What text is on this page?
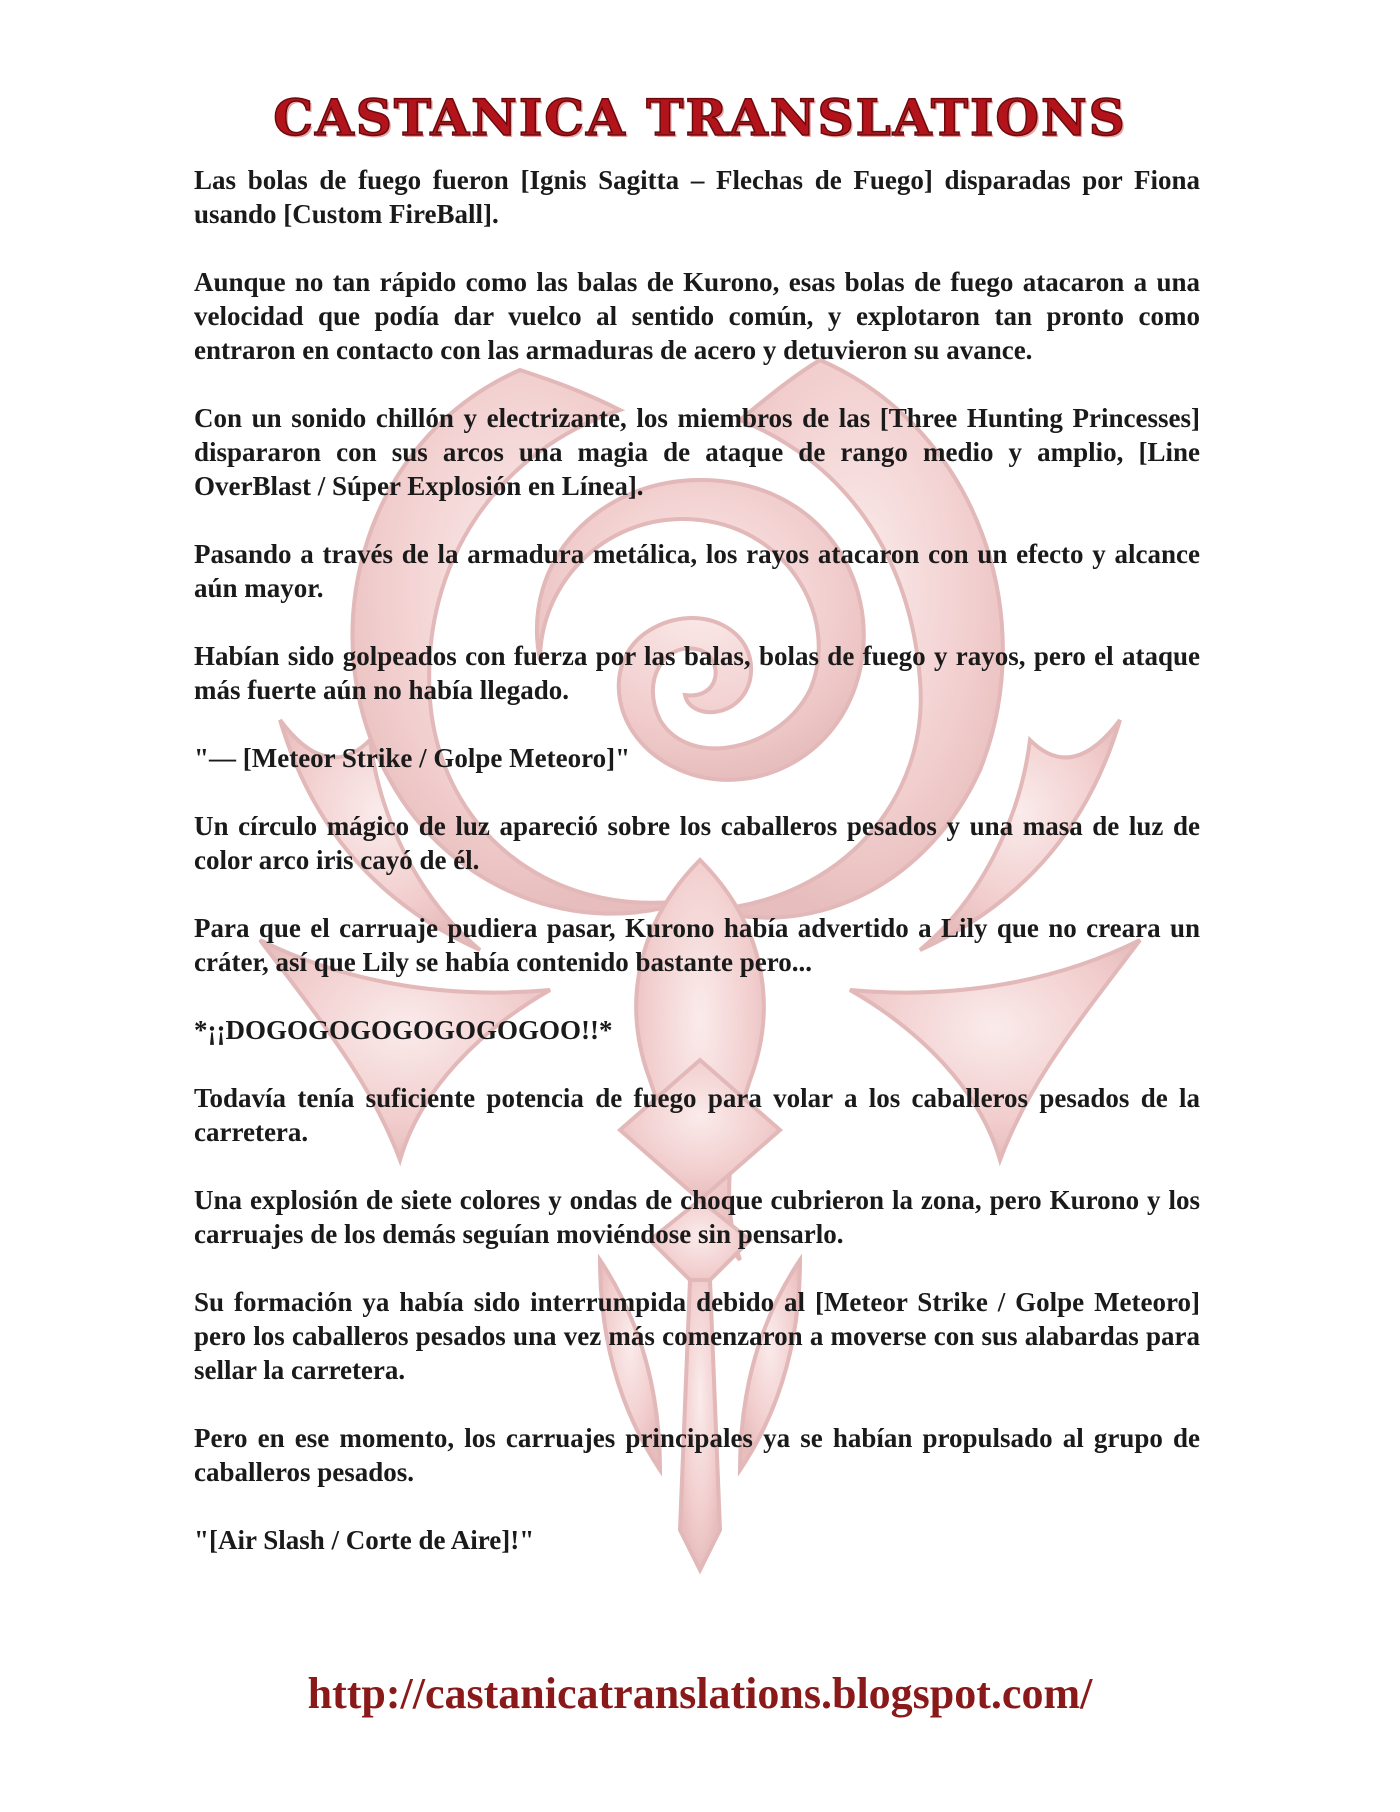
CASTANICA TRANSLATIONS

Las bolas de fuego fueron [Ignis Sagitta – Flechas de Fuego] disparadas por Fiona usando [Custom FireBall].

Aunque no tan rápido como las balas de Kurono, esas bolas de fuego atacaron a una velocidad que podía dar vuelco al sentido común, y explotaron tan pronto como entraron en contacto con las armaduras de acero y detuvieron su avance.

Con un sonido chillón y electrizante, los miembros de las [Three Hunting Princesses] dispararon con sus arcos una magia de ataque de rango medio y amplio, [Line OverBlast / Súper Explosión en Línea].

Pasando a través de la armadura metálica, los rayos atacaron con un efecto y alcance aún mayor.

Habían sido golpeados con fuerza por las balas, bolas de fuego y rayos, pero el ataque más fuerte aún no había llegado.

"— [Meteor Strike / Golpe Meteoro]"

Un círculo mágico de luz apareció sobre los caballeros pesados y una masa de luz de color arco iris cayó de él.

Para que el carruaje pudiera pasar, Kurono había advertido a Lily que no creara un cráter, así que Lily se había contenido bastante pero...

*¡¡DOGOGOGOGOGOGOGOO!!*

Todavía tenía suficiente potencia de fuego para volar a los caballeros pesados de la carretera.

Una explosión de siete colores y ondas de choque cubrieron la zona, pero Kurono y los carruajes de los demás seguían moviéndose sin pensarlo.

Su formación ya había sido interrumpida debido al [Meteor Strike / Golpe Meteoro] pero los caballeros pesados una vez más comenzaron a moverse con sus alabardas para sellar la carretera.

Pero en ese momento, los carruajes principales ya se habían propulsado al grupo de caballeros pesados.

"[Air Slash / Corte de Aire]!"

http://castanicatranslations.blogspot.com/
